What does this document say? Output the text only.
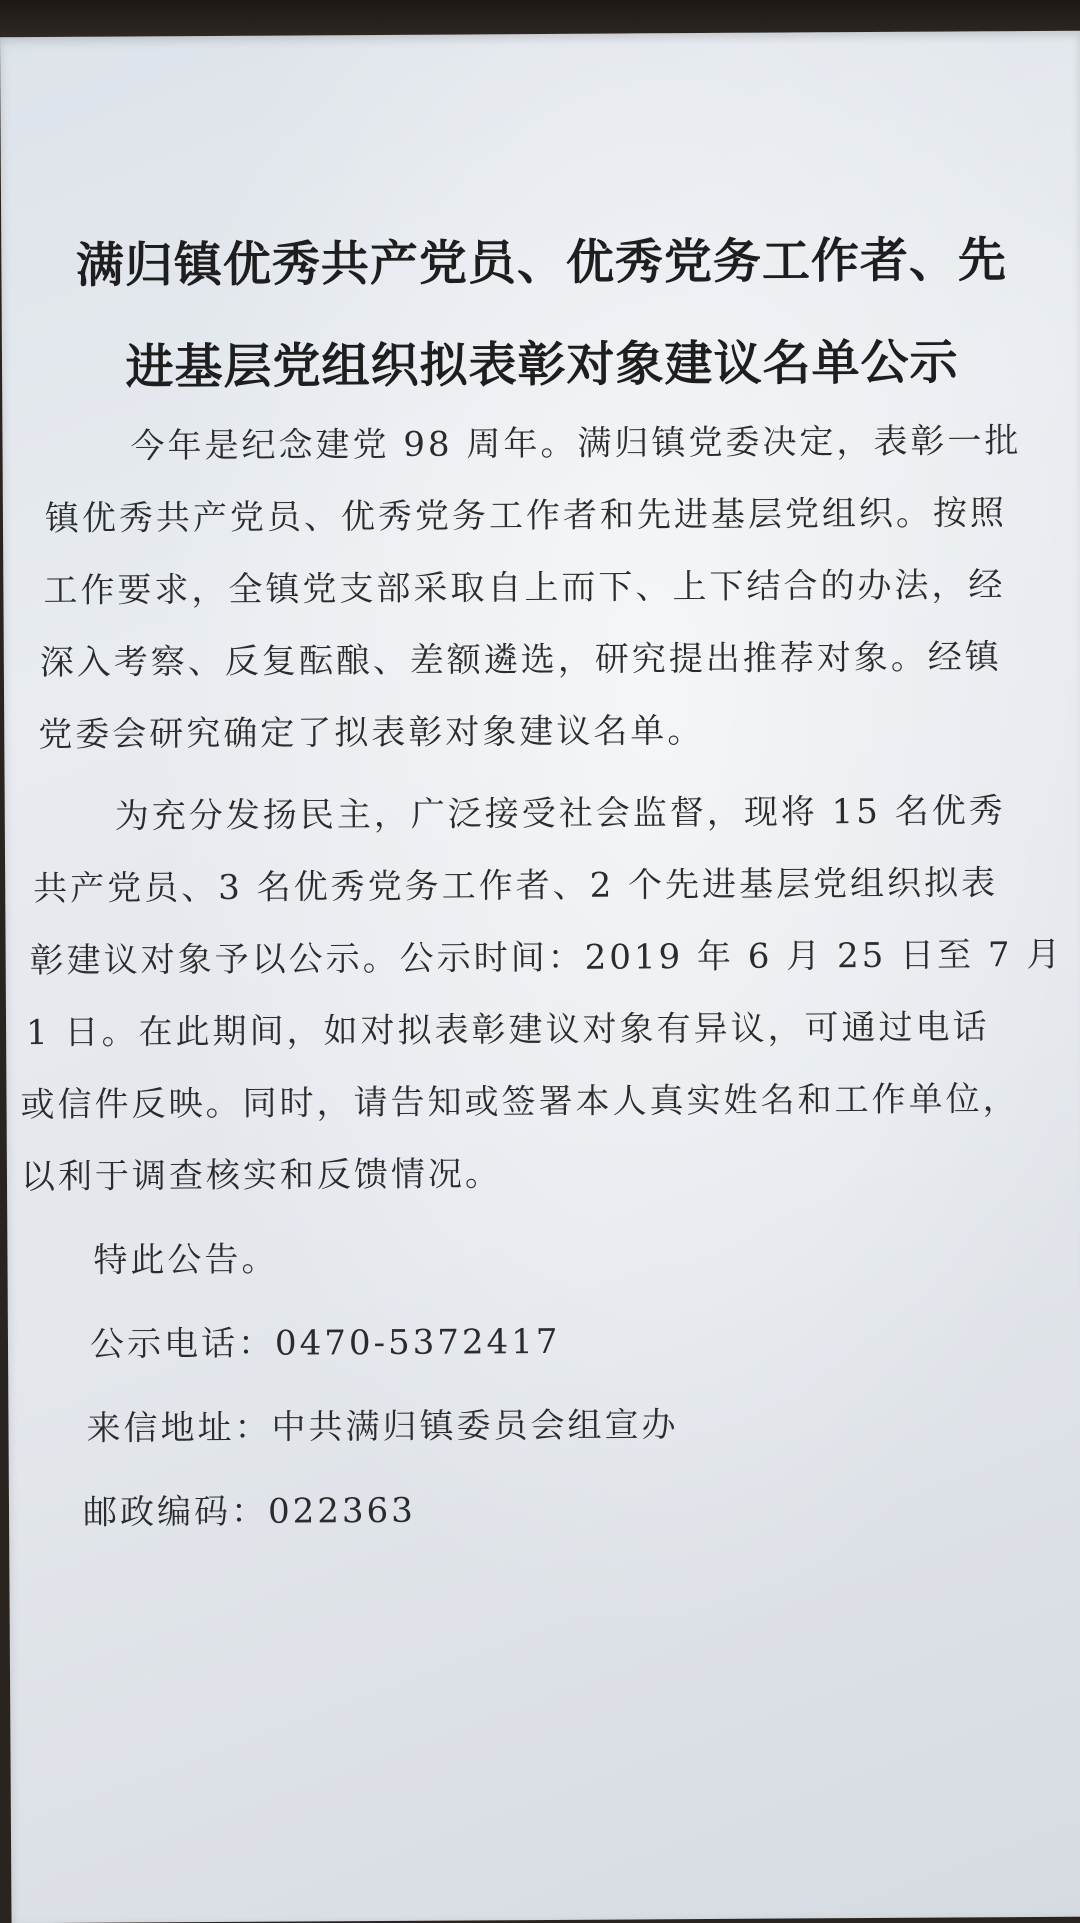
满归镇优秀共产党员、优秀党务工作者、先
进基层党组织拟表彰对象建议名单公示

今年是纪念建党 98 周年。满归镇党委决定，表彰一批

镇优秀共产党员、优秀党务工作者和先进基层党组织。按照

工作要求，全镇党支部采取自上而下、上下结合的办法，经

深入考察、反复酝酿、差额遴选，研究提出推荐对象。经镇

党委会研究确定了拟表彰对象建议名单。

为充分发扬民主，广泛接受社会监督，现将 15 名优秀

共产党员、3 名优秀党务工作者、2 个先进基层党组织拟表

彰建议对象予以公示。公示时间：2019 年 6 月 25 日至 7 月

1 日。在此期间，如对拟表彰建议对象有异议，可通过电话

或信件反映。同时，请告知或签署本人真实姓名和工作单位，

以利于调查核实和反馈情况。

特此公告。

公示电话：0470-5372417

来信地址：中共满归镇委员会组宣办

邮政编码：022363
